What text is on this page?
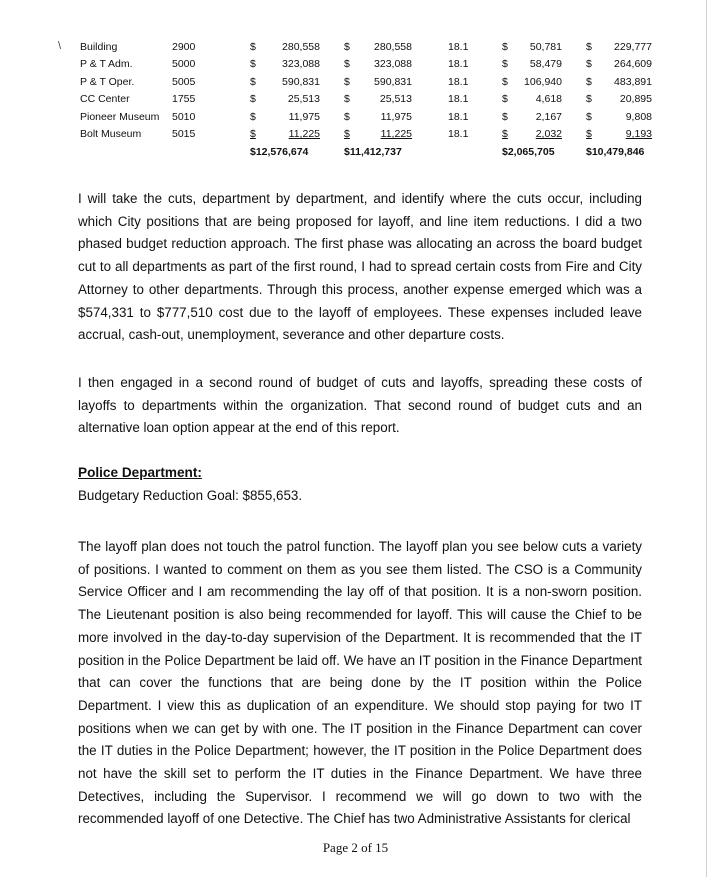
\ Building	2900	$	280,558		$	280,558		18.1	$	50,781		$	229,777
P & T Adm.	5000	$	323,088		$	323,088		18.1	$	58,479		$	264,609
P & T Oper.	5005	$	590,831		$	590,831		18.1	$	106,940		$	483,891
CC Center	1755	$	25,513		$	25,513		18.1	$	4,618		$	20,895
Pioneer Museum	5010	$	11,975		$	11,975		18.1	$	2,167		$	9,808
Bolt Museum	5015	$	11,225		$	11,225		18.1	$	2,032		$	9,193
		$12,576,674			$11,412,737				$2,065,705			$10,479,846	

I will take the cuts, department by department, and identify where the cuts occur, including which City positions that are being proposed for layoff, and line item reductions. I did a two phased budget reduction approach. The first phase was allocating an across the board budget cut to all departments as part of the first round, I had to spread certain costs from Fire and City Attorney to other departments. Through this process, another expense emerged which was a $574,331 to $777,510 cost due to the layoff of employees. These expenses included leave accrual, cash-out, unemployment, severance and other departure costs.

I then engaged in a second round of budget of cuts and layoffs, spreading these costs of layoffs to departments within the organization. That second round of budget cuts and an alternative loan option appear at the end of this report.

Police Department:
Budgetary Reduction Goal: $855,653.

The layoff plan does not touch the patrol function. The layoff plan you see below cuts a variety of positions. I wanted to comment on them as you see them listed. The CSO is a Community Service Officer and I am recommending the lay off of that position. It is a non-sworn position. The Lieutenant position is also being recommended for layoff. This will cause the Chief to be more involved in the day-to-day supervision of the Department. It is recommended that the IT position in the Police Department be laid off. We have an IT position in the Finance Department that can cover the functions that are being done by the IT position within the Police Department. I view this as duplication of an expenditure. We should stop paying for two IT positions when we can get by with one. The IT position in the Finance Department can cover the IT duties in the Police Department; however, the IT position in the Police Department does not have the skill set to perform the IT duties in the Finance Department. We have three Detectives, including the Supervisor. I recommend we will go down to two with the recommended layoff of one Detective. The Chief has two Administrative Assistants for clerical

Page 2 of 15
